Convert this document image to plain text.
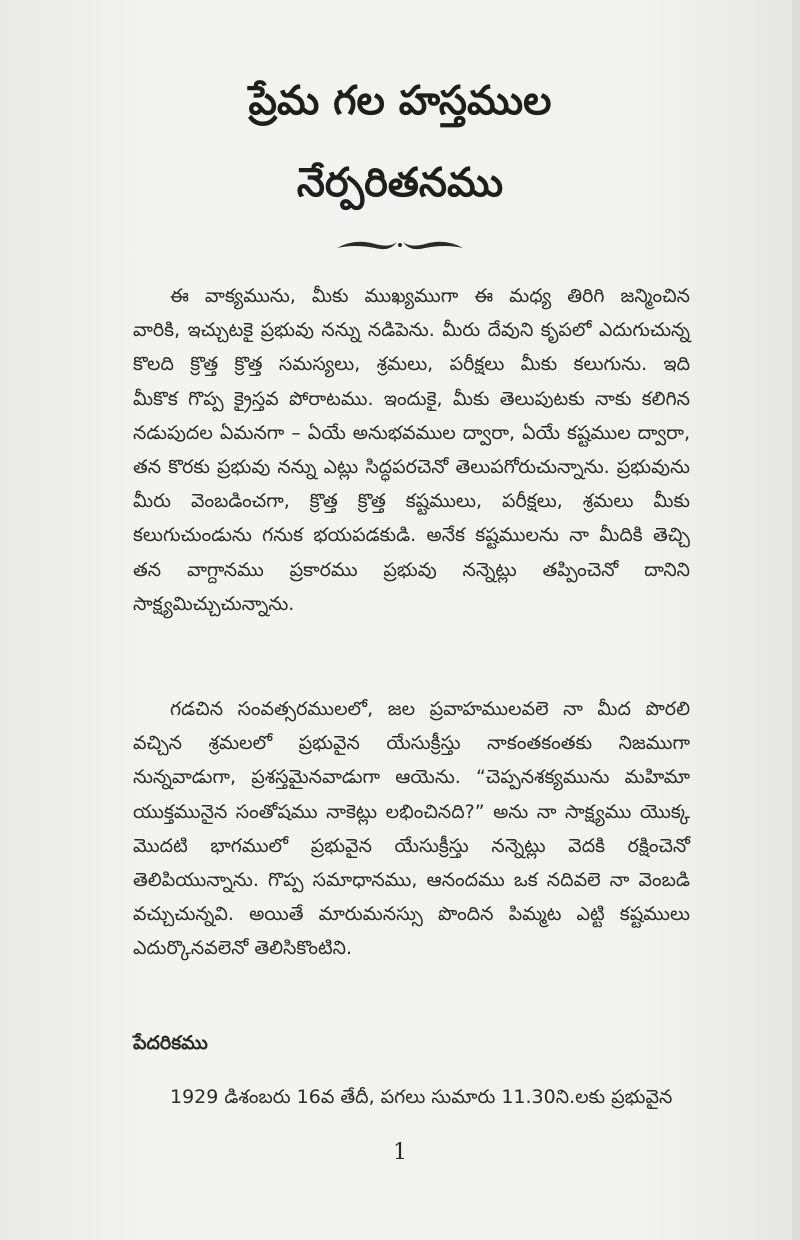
ప్రేమ గల హస్తముల
నేర్పరితనము
ఈ వాక్యమును, మీకు ముఖ్యముగా ఈ మధ్య తిరిగి జన్మించిన
వారికి, ఇచ్చుటకై ప్రభువు నన్ను నడిపెను. మీరు దేవుని కృపలో ఎదుగుచున్న
కొలది క్రొత్త క్రొత్త సమస్యలు, శ్రమలు, పరీక్షలు మీకు కలుగును. ఇది
మీకొక గొప్ప క్రైస్తవ పోరాటము. ఇందుకై, మీకు తెలుపుటకు నాకు కలిగిన
నడుపుదల ఏమనగా – ఏయే అనుభవముల ద్వారా, ఏయే కష్టముల ద్వారా,
తన కొరకు ప్రభువు నన్ను ఎట్లు సిద్ధపరచెనో తెలుపగోరుచున్నాను. ప్రభువును
మీరు వెంబడించగా, క్రొత్త క్రొత్త కష్టములు, పరీక్షలు, శ్రమలు మీకు
కలుగుచుండును గనుక భయపడకుడి. అనేక కష్టములను నా మీదికి తెచ్చి
తన వాగ్దానము ప్రకారము ప్రభువు నన్నెట్లు తప్పించెనో దానిని
సాక్ష్యమిచ్చుచున్నాను.
గడచిన సంవత్సరములలో, జల ప్రవాహములవలె నా మీద పొరలి
వచ్చిన శ్రమలలో ప్రభువైన యేసుక్రీస్తు నాకంతకంతకు నిజముగా
నున్నవాడుగా, ప్రశస్తమైనవాడుగా ఆయెను. “చెప్పనశక్యమును మహిమా
యుక్తమునైన సంతోషము నాకెట్లు లభించినది?” అను నా సాక్ష్యము యొక్క
మొదటి భాగములో ప్రభువైన యేసుక్రీస్తు నన్నెట్లు వెదకి రక్షించెనో
తెలిపియున్నాను. గొప్ప సమాధానము, ఆనందము ఒక నదివలె నా వెంబడి
వచ్చుచున్నవి. అయితే మారుమనస్సు పొందిన పిమ్మట ఎట్టి కష్టములు
ఎదుర్కొనవలెనో తెలిసికొంటిని.
పేదరికము
1929 డిశంబరు 16వ తేదీ, పగలు సుమారు 11.30ని.లకు ప్రభువైన
1
